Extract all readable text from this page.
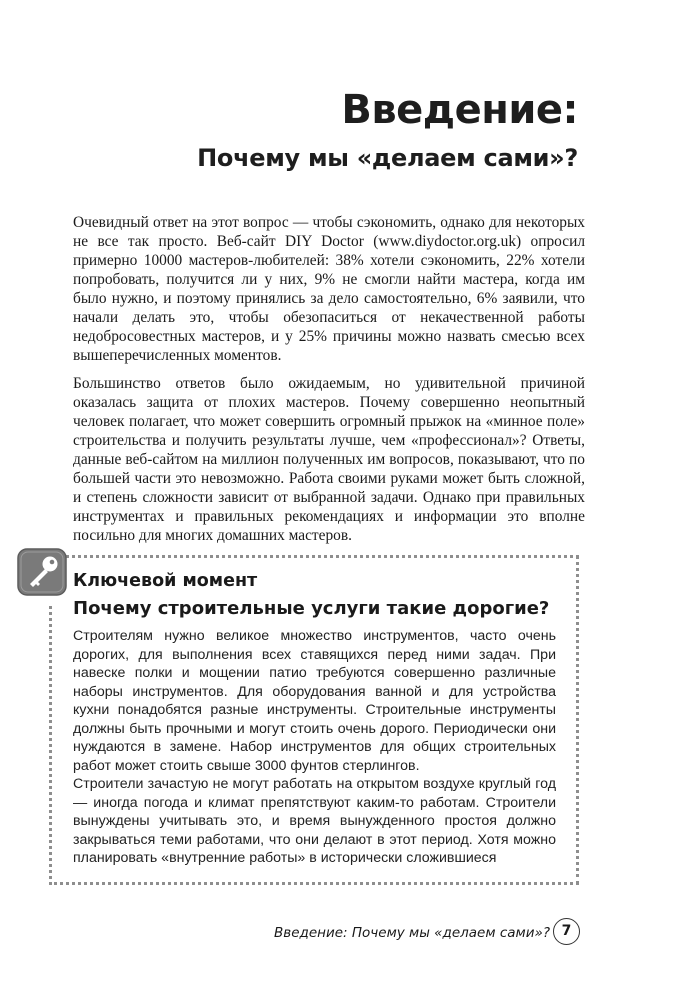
Введение:
Почему мы «делаем сами»?

Очевидный ответ на этот вопрос — чтобы сэкономить, однако для некоторых не все так просто. Веб-сайт DIY Doctor (www.diydoctor.org.uk) опросил примерно 10000 мастеров-любителей: 38% хотели сэкономить, 22% хотели попробовать, получится ли у них, 9% не смогли найти мастера, когда им было нужно, и поэтому принялись за дело самостоятельно, 6% заявили, что начали делать это, чтобы обезопаситься от некачественной работы недобросовестных мастеров, и у 25% причины можно назвать смесью всех вышеперечисленных моментов.

Большинство ответов было ожидаемым, но удивительной причиной оказалась защита от плохих мастеров. Почему совершенно неопытный человек полагает, что может совершить огромный прыжок на «минное поле» строительства и получить результаты лучше, чем «профессионал»? Ответы, данные веб-сайтом на миллион полученных им вопросов, показывают, что по большей части это невозможно. Работа своими руками может быть сложной, и степень сложности зависит от выбранной задачи. Однако при правильных инструментах и правильных рекомендациях и информации это вполне посильно для многих домашних мастеров.

Ключевой момент
Почему строительные услуги такие дорогие?

Строителям нужно великое множество инструментов, часто очень дорогих, для выполнения всех ставящихся перед ними задач. При навеске полки и мощении патио требуются совершенно различные наборы инструментов. Для оборудования ванной и для устройства кухни понадобятся разные инструменты. Строительные инструменты должны быть прочными и могут стоить очень дорого. Периодически они нуждаются в замене. Набор инструментов для общих строительных работ может стоить свыше 3000 фунтов стерлингов.

Строители зачастую не могут работать на открытом воздухе круглый год — иногда погода и климат препятствуют каким-то работам. Строители вынуждены учитывать это, и время вынужденного простоя должно закрываться теми работами, что они делают в этот период. Хотя можно планировать «внутренние работы» в исторически сложившиеся

Введение: Почему мы «делаем сами»? 7
